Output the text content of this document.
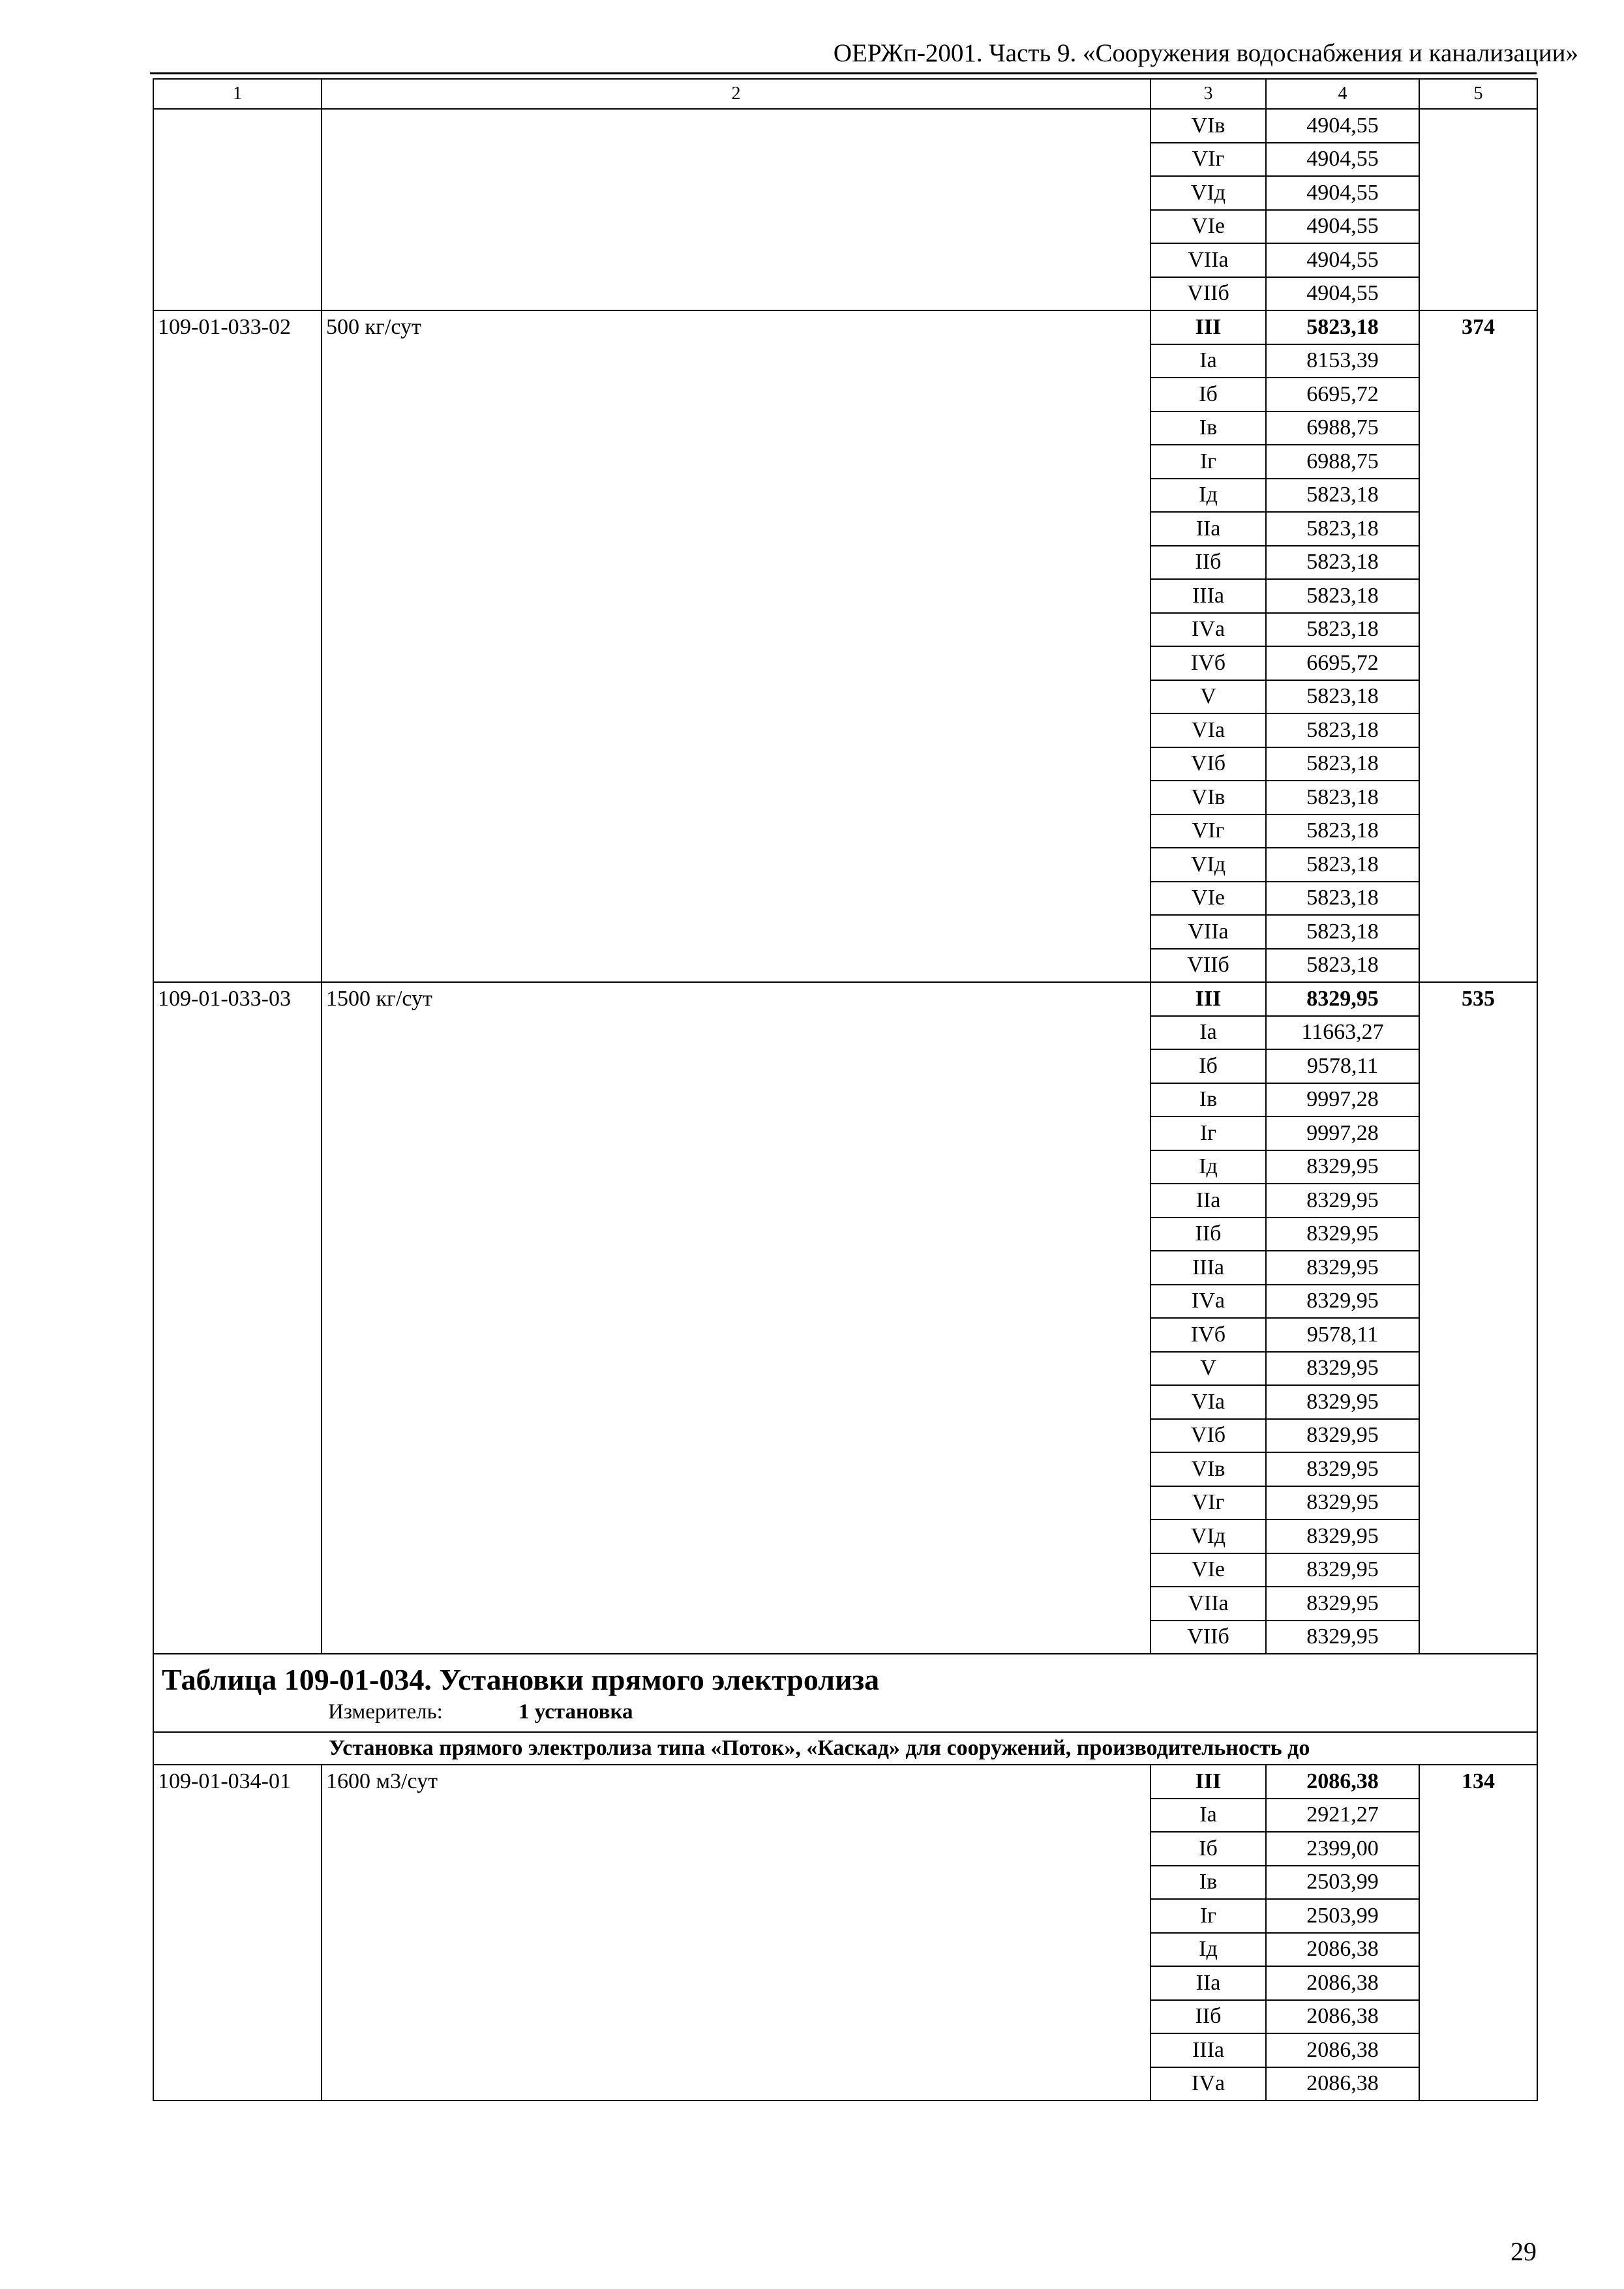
ОЕРЖп-2001. Часть 9. «Сооружения водоснабжения и канализации»
1	2	3	4	5
		VIв	4904,55	
		VIг	4904,55	
		VIд	4904,55	
		VIе	4904,55	
		VIIа	4904,55	
		VIIб	4904,55	
109-01-033-02	500 кг/сут	III	5823,18	374
		Iа	8153,39	
		Iб	6695,72	
		Iв	6988,75	
		Iг	6988,75	
		Iд	5823,18	
		IIа	5823,18	
		IIб	5823,18	
		IIIа	5823,18	
		IVа	5823,18	
		IVб	6695,72	
		V	5823,18	
		VIа	5823,18	
		VIб	5823,18	
		VIв	5823,18	
		VIг	5823,18	
		VIд	5823,18	
		VIе	5823,18	
		VIIа	5823,18	
		VIIб	5823,18	
109-01-033-03	1500 кг/сут	III	8329,95	535
		Iа	11663,27	
		Iб	9578,11	
		Iв	9997,28	
		Iг	9997,28	
		Iд	8329,95	
		IIа	8329,95	
		IIб	8329,95	
		IIIа	8329,95	
		IVа	8329,95	
		IVб	9578,11	
		V	8329,95	
		VIа	8329,95	
		VIб	8329,95	
		VIв	8329,95	
		VIг	8329,95	
		VIд	8329,95	
		VIе	8329,95	
		VIIа	8329,95	
		VIIб	8329,95	

Таблица 109-01-034. Установки прямого электролиза
Измеритель: 1 установка				

Установка прямого электролиза типа «Поток», «Каскад» для сооружений, производительность до				
109-01-034-01	1600 м3/сут	III	2086,38	134
		Iа	2921,27	
		Iб	2399,00	
		Iв	2503,99	
		Iг	2503,99	
		Iд	2086,38	
		IIа	2086,38	
		IIб	2086,38	
		IIIа	2086,38	
		IVа	2086,38	
29
